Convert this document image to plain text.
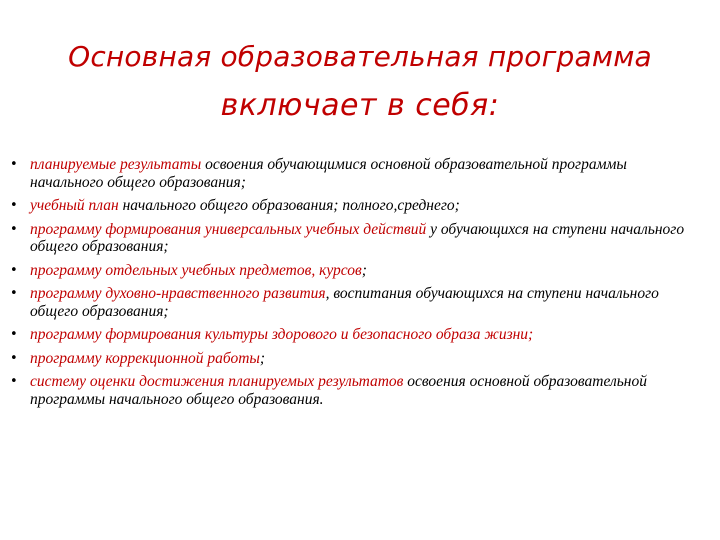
Основная образовательная программа
включает в себя:
• планируемые результаты освоения обучающимися основной образовательной программы начального общего образования;
• учебный план начального общего образования; полного,среднего;
• программу формирования универсальных учебных действий у обучающихся на ступени начального общего образования;
• программу отдельных учебных предметов, курсов;
• программу духовно-нравственного развития, воспитания обучающихся на ступени начального общего образования;
• программу формирования культуры здорового и безопасного образа жизни;
• программу коррекционной работы;
• систему оценки достижения планируемых результатов освоения основной образовательной программы начального общего образования.
